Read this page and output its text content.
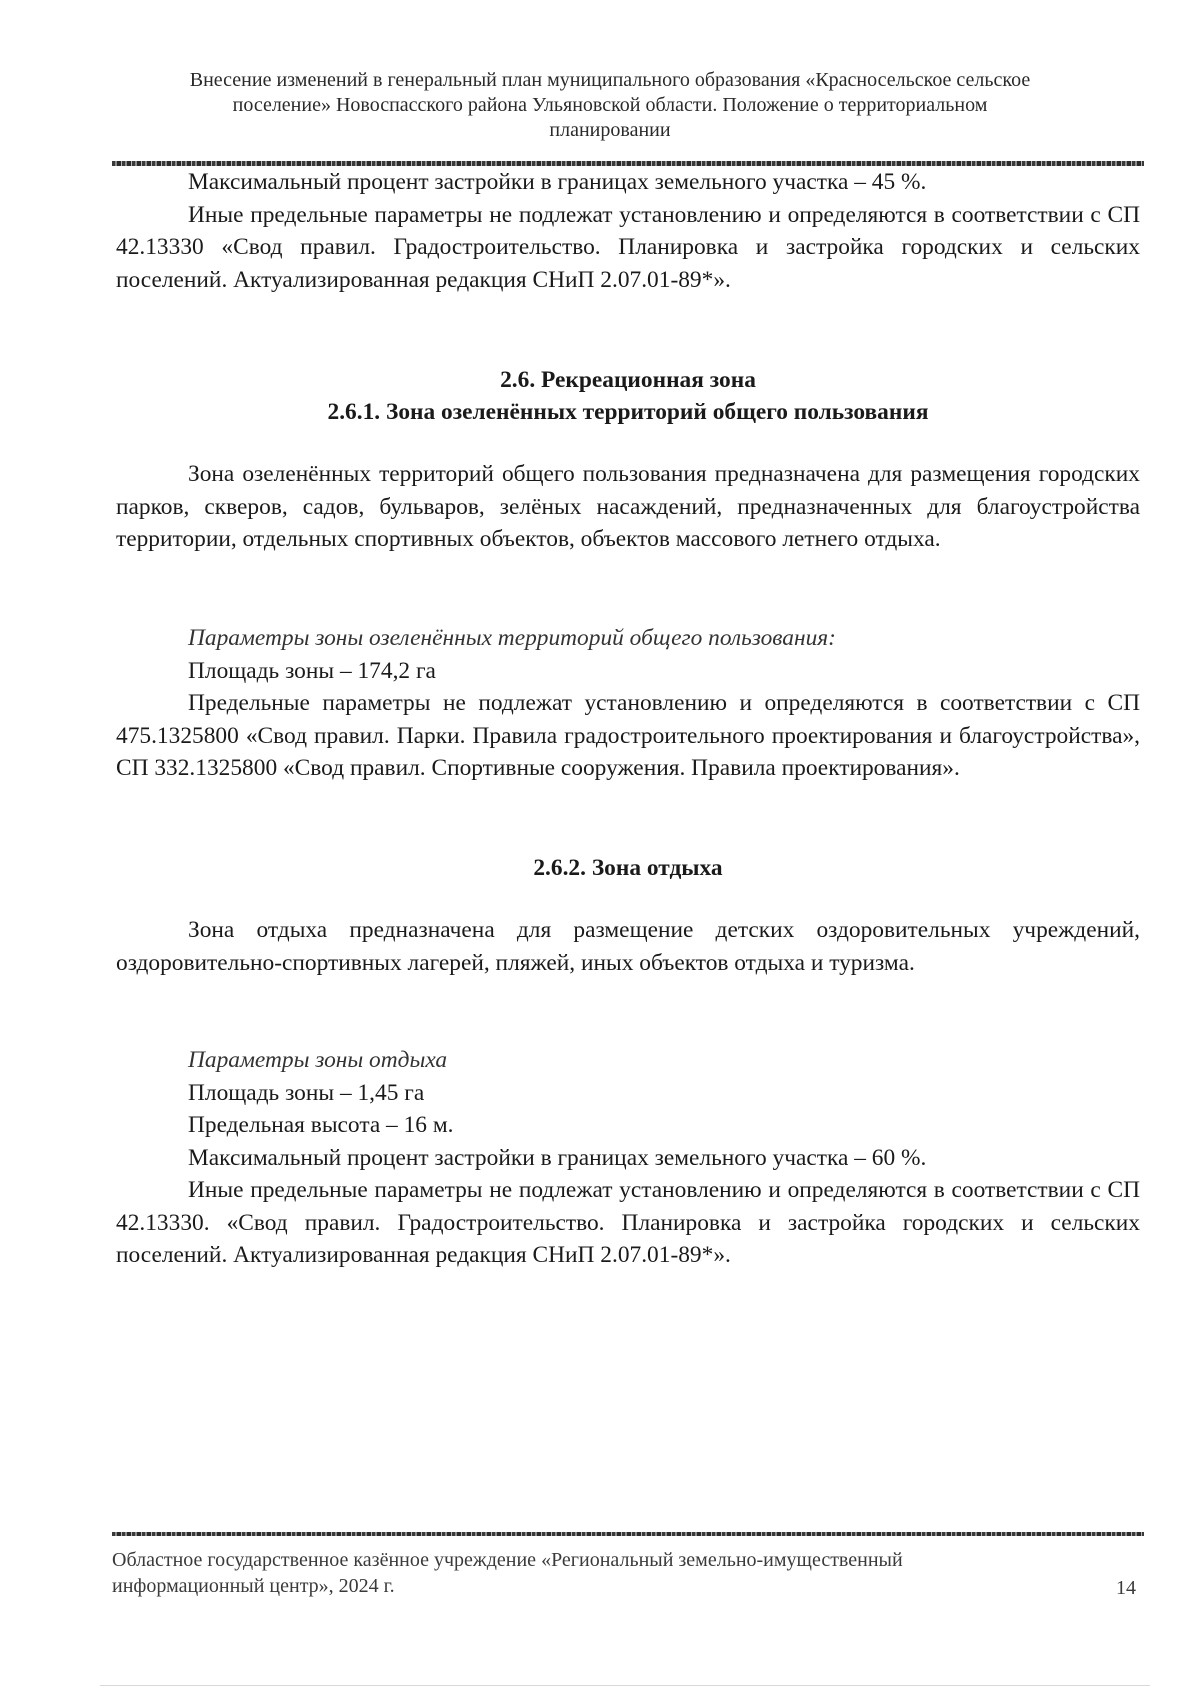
Внесение изменений в генеральный план муниципального образования «Красносельское сельское
поселение» Новоспасского района Ульяновской области. Положение о территориальном
планировании

Максимальный процент застройки в границах земельного участка – 45 %.

Иные предельные параметры не подлежат установлению и определяются в соответствии с СП 42.13330 «Свод правил. Градостроительство. Планировка и застройка городских и сельских поселений. Актуализированная редакция СНиП 2.07.01-89*».

2.6. Рекреационная зона
2.6.1. Зона озеленённых территорий общего пользования

Зона озеленённых территорий общего пользования предназначена для размещения городских парков, скверов, садов, бульваров, зелёных насаждений, предназначенных для благоустройства территории, отдельных спортивных объектов, объектов массового летнего отдыха.

Параметры зоны озеленённых территорий общего пользования:

Площадь зоны – 174,2 га

Предельные параметры не подлежат установлению и определяются в соответствии с СП 475.1325800 «Свод правил. Парки. Правила градостроительного проектирования и благоустройства», СП 332.1325800 «Свод правил. Спортивные сооружения. Правила проектирования».

2.6.2. Зона отдыха

Зона отдыха предназначена для размещение детских оздоровительных учреждений, оздоровительно-спортивных лагерей, пляжей, иных объектов отдыха и туризма.

Параметры зоны отдыха

Площадь зоны – 1,45 га

Предельная высота – 16 м.

Максимальный процент застройки в границах земельного участка – 60 %.

Иные предельные параметры не подлежат установлению и определяются в соответствии с СП 42.13330. «Свод правил. Градостроительство. Планировка и застройка городских и сельских поселений. Актуализированная редакция СНиП 2.07.01-89*».

Областное государственное казённое учреждение «Региональный земельно-имущественный
информационный центр», 2024 г.	14
